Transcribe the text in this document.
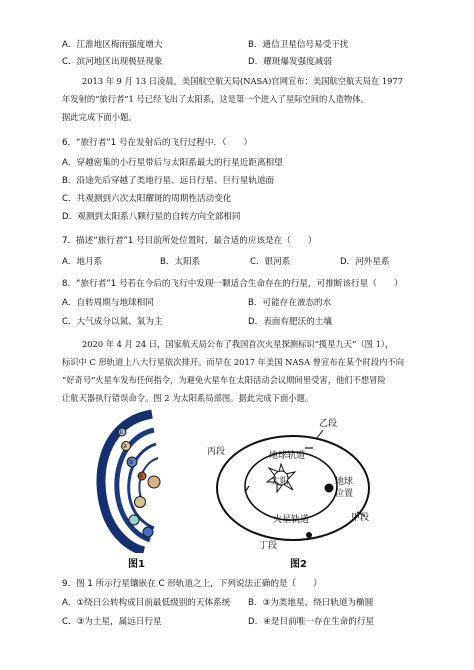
A．江淮地区梅雨强度增大	B．通信卫星信号易受干扰
C．滨河地区出现极昼现象	D．耀斑爆发强度减弱
2013 年 9 月 13 日凌晨，美国航空航天局(NASA)官网宣布：美国航空航天局在 1977
年发射的“旅行者”1 号已经飞出了太阳系，这是第一个进入了星际空间的人造物体。
据此完成下面小题。
6．“旅行者”1 号在发射后的飞行过程中．（　　）
A．穿越密集的小行星带后与太阳系最大的行星近距离相望
B．沿途先后穿越了类地行星、远日行星、巨行星轨道面
C．共观测到六次太阳耀斑的周期性活动变化
D．观测到太阳系八颗行星的自转方向全部相同
7．描述“旅行者”1 号目前所处位置时，最合适的应该是在（　　）
A．地月系	B．太阳系	C．银河系	D．河外星系
8．“旅行者”1 号若在今后的飞行中发现一颗适合生命存在的行星，可推断该行星（　　）
A．自转周期与地球相同	B．可能存在液态的水
C．大气成分以氮、氧为主	D．表面有肥沃的土壤
2020 年 4 月 24 日，国家航天局公布了我国首次火星探测标识“揽星九天”（图 1），
标识中 C 形轨道上八大行星依次排开。而早在 2017 年美国 NASA 曾宣布在某个时段内不向
“好奇号”火星车发布任何指令，为避免火星车在太阳活动会议期间里受害，他们不想冒险
让航天器执行错误命令。图 2 为太阳系局部图。据此完成下面小题。
①
②
③
④
图1
地球轨道
太阳	地球
位置
火星轨道
乙段
丙段
甲段
丁段
图2
9．图 1 所示行星镶嵌在 C 形轨道之上，下列说法正确的是（　　）
A．①绕日公转构成目前最低级别的天体系统 B．③为类地星，绕日轨道为椭圆
C．③为土星，属远日行星	D．④是目前唯一存在生命的行星
